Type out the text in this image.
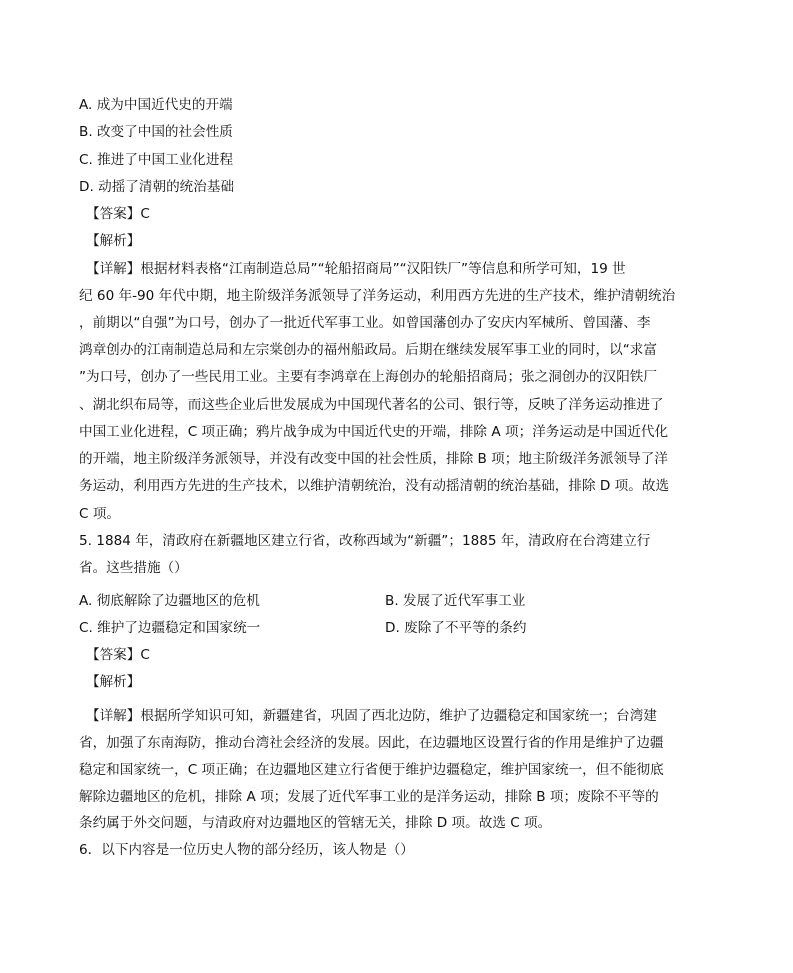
A. 成为中国近代史的开端
B. 改变了中国的社会性质
C. 推进了中国工业化进程
D. 动摇了清朝的统治基础
【答案】C
【解析】
【详解】根据材料表格“江南制造总局”“轮船招商局”“汉阳铁厂”等信息和所学可知，19 世
纪 60 年-90 年代中期，地主阶级洋务派领导了洋务运动，利用西方先进的生产技术，维护清朝统治
，前期以“自强”为口号，创办了一批近代军事工业。如曾国藩创办了安庆内军械所、曾国藩、李
鸿章创办的江南制造总局和左宗棠创办的福州船政局。后期在继续发展军事工业的同时，以“求富
”为口号，创办了一些民用工业。主要有李鸿章在上海创办的轮船招商局；张之洞创办的汉阳铁厂
、湖北织布局等，而这些企业后世发展成为中国现代著名的公司、银行等，反映了洋务运动推进了
中国工业化进程，C 项正确；鸦片战争成为中国近代史的开端，排除 A 项；洋务运动是中国近代化
的开端，地主阶级洋务派领导，并没有改变中国的社会性质，排除 B 项；地主阶级洋务派领导了洋
务运动，利用西方先进的生产技术，以维护清朝统治，没有动摇清朝的统治基础，排除 D 项。故选
C 项。
5. 1884 年，清政府在新疆地区建立行省，改称西域为“新疆”；1885 年，清政府在台湾建立行
省。这些措施（）
A. 彻底解除了边疆地区的危机	B. 发展了近代军事工业
C. 维护了边疆稳定和国家统一	D. 废除了不平等的条约
【答案】C
【解析】
【详解】根据所学知识可知，新疆建省，巩固了西北边防，维护了边疆稳定和国家统一；台湾建
省，加强了东南海防，推动台湾社会经济的发展。因此，在边疆地区设置行省的作用是维护了边疆
稳定和国家统一，C 项正确；在边疆地区建立行省便于维护边疆稳定，维护国家统一，但不能彻底
解除边疆地区的危机，排除 A 项；发展了近代军事工业的是洋务运动，排除 B 项；废除不平等的
条约属于外交问题，与清政府对边疆地区的管辖无关，排除 D 项。故选 C 项。
6．以下内容是一位历史人物的部分经历，该人物是（）
